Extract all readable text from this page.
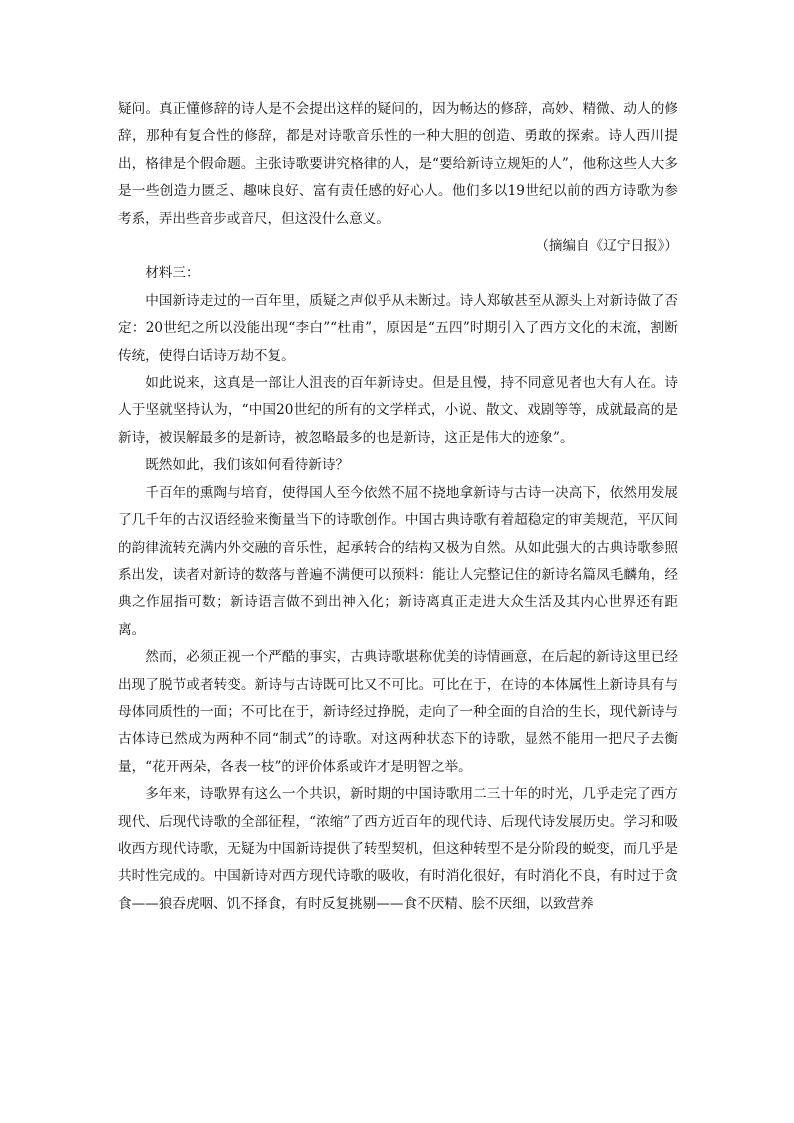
疑问。真正懂修辞的诗人是不会提出这样的疑问的，因为畅达的修辞，高妙、精微、动人的修辞，那种有复合性的修辞，都是对诗歌音乐性的一种大胆的创造、勇敢的探索。诗人西川提出，格律是个假命题。主张诗歌要讲究格律的人，是“要给新诗立规矩的人”，他称这些人大多是一些创造力匮乏、趣味良好、富有责任感的好心人。他们多以19世纪以前的西方诗歌为参考系，弄出些音步或音尺，但这没什么意义。

（摘编自《辽宁日报》）

材料三：

中国新诗走过的一百年里，质疑之声似乎从未断过。诗人郑敏甚至从源头上对新诗做了否定：20世纪之所以没能出现“李白”“杜甫”，原因是“五四”时期引入了西方文化的末流，割断传统，使得白话诗万劫不复。

如此说来，这真是一部让人沮丧的百年新诗史。但是且慢，持不同意见者也大有人在。诗人于坚就坚持认为，“中国20世纪的所有的文学样式，小说、散文、戏剧等等，成就最高的是新诗，被误解最多的是新诗，被忽略最多的也是新诗，这正是伟大的迹象”。

既然如此，我们该如何看待新诗？

千百年的熏陶与培育，使得国人至今依然不屈不挠地拿新诗与古诗一决高下，依然用发展了几千年的古汉语经验来衡量当下的诗歌创作。中国古典诗歌有着超稳定的审美规范，平仄间的韵律流转充满内外交融的音乐性，起承转合的结构又极为自然。从如此强大的古典诗歌参照系出发，读者对新诗的数落与普遍不满便可以预料：能让人完整记住的新诗名篇凤毛麟角，经典之作屈指可数；新诗语言做不到出神入化；新诗离真正走进大众生活及其内心世界还有距离。

然而，必须正视一个严酷的事实，古典诗歌堪称优美的诗情画意，在后起的新诗这里已经出现了脱节或者转变。新诗与古诗既可比又不可比。可比在于，在诗的本体属性上新诗具有与母体同质性的一面；不可比在于，新诗经过挣脱，走向了一种全面的自洽的生长，现代新诗与古体诗已然成为两种不同“制式”的诗歌。对这两种状态下的诗歌，显然不能用一把尺子去衡量，“花开两朵，各表一枝”的评价体系或许才是明智之举。

多年来，诗歌界有这么一个共识，新时期的中国诗歌用二三十年的时光，几乎走完了西方现代、后现代诗歌的全部征程，“浓缩”了西方近百年的现代诗、后现代诗发展历史。学习和吸收西方现代诗歌，无疑为中国新诗提供了转型契机，但这种转型不是分阶段的蜕变，而几乎是共时性完成的。中国新诗对西方现代诗歌的吸收，有时消化很好，有时消化不良，有时过于贪食——狼吞虎咽、饥不择食，有时反复挑剔——食不厌精、脍不厌细，以致营养
